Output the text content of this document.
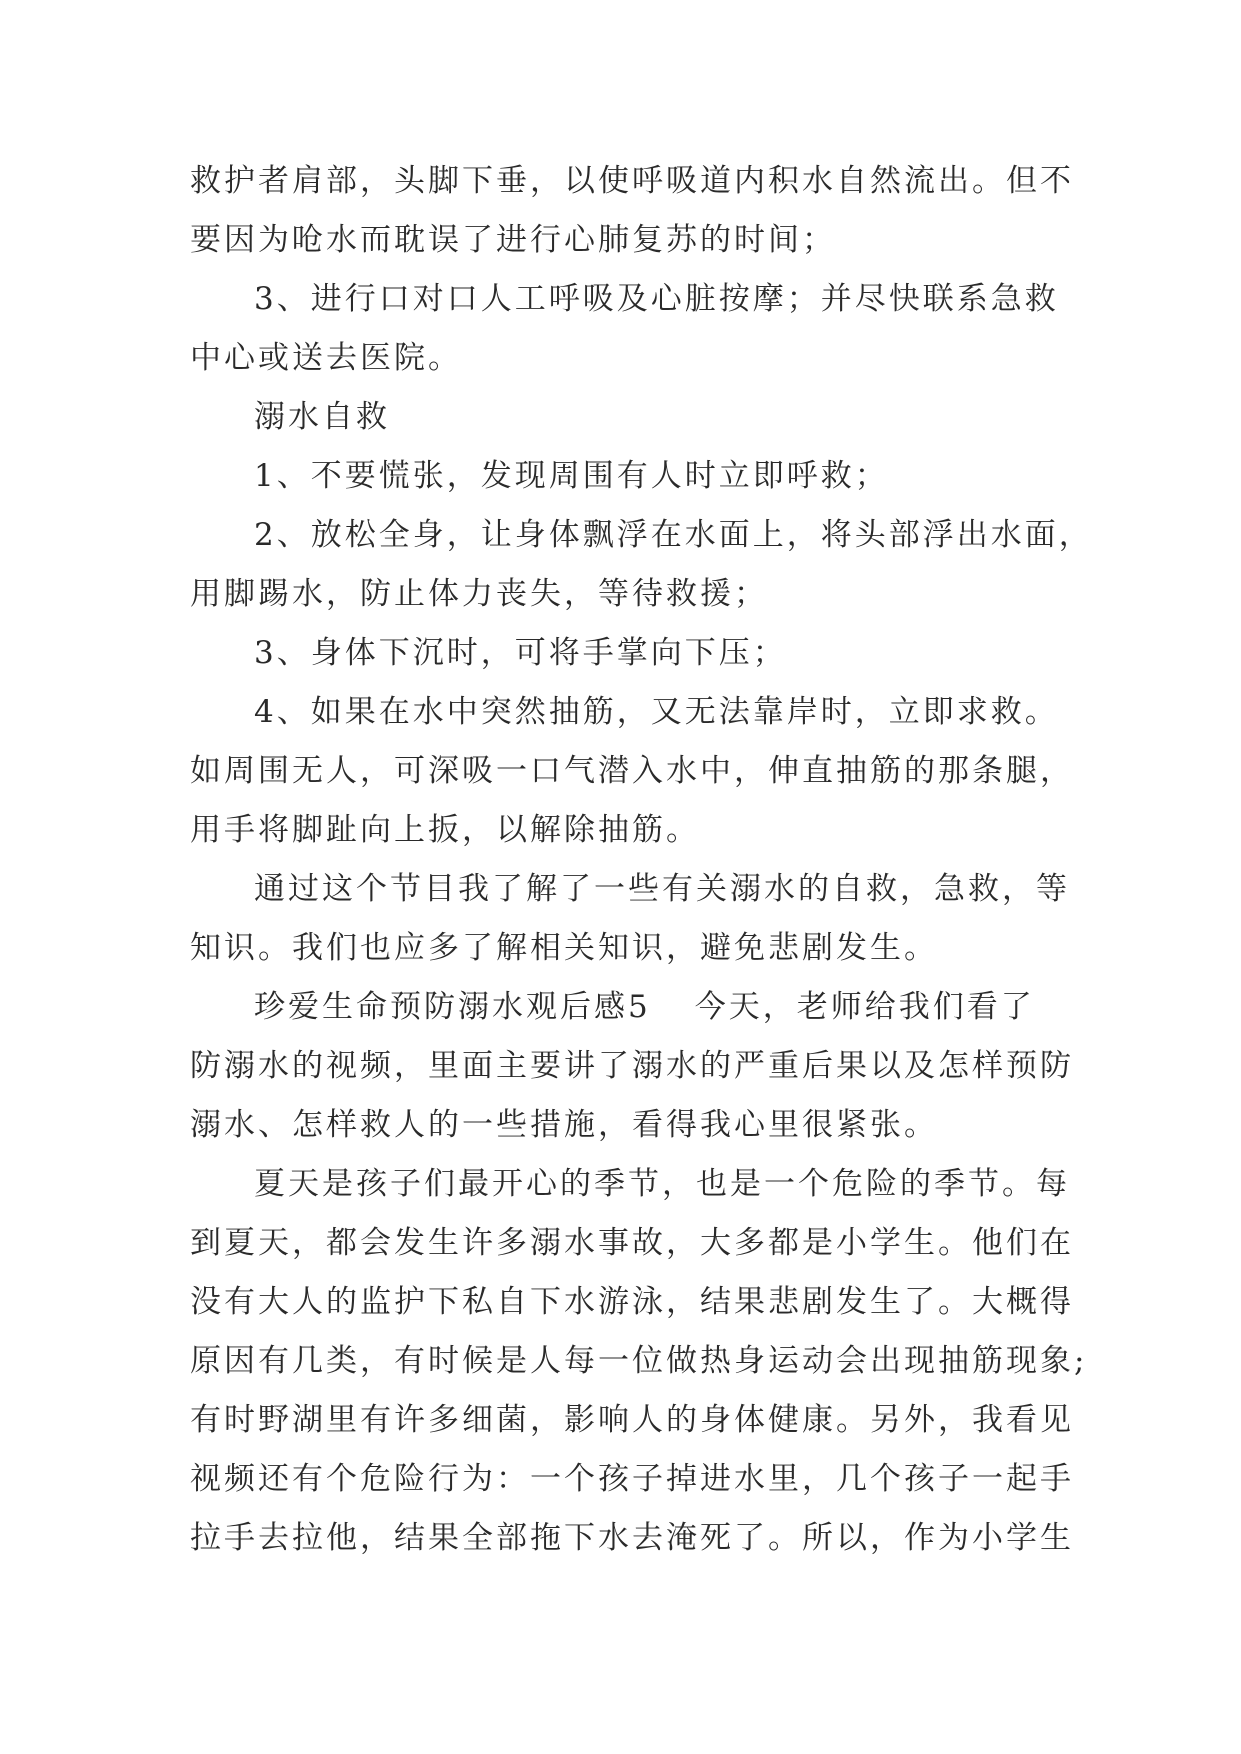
救护者肩部，头脚下垂，以使呼吸道内积水自然流出。但不
要因为呛水而耽误了进行心肺复苏的时间；
3、进行口对口人工呼吸及心脏按摩；并尽快联系急救
中心或送去医院。
溺水自救
1、不要慌张，发现周围有人时立即呼救；
2、放松全身，让身体飘浮在水面上，将头部浮出水面，
用脚踢水，防止体力丧失，等待救援；
3、身体下沉时，可将手掌向下压；
4、如果在水中突然抽筋，又无法靠岸时，立即求救。
如周围无人，可深吸一口气潜入水中，伸直抽筋的那条腿，
用手将脚趾向上扳，以解除抽筋。
通过这个节目我了解了一些有关溺水的自救，急救，等
知识。我们也应多了解相关知识，避免悲剧发生。
珍爱生命预防溺水观后感5 今天，老师给我们看了
防溺水的视频，里面主要讲了溺水的严重后果以及怎样预防
溺水、怎样救人的一些措施，看得我心里很紧张。
夏天是孩子们最开心的季节，也是一个危险的季节。每
到夏天，都会发生许多溺水事故，大多都是小学生。他们在
没有大人的监护下私自下水游泳，结果悲剧发生了。大概得
原因有几类，有时候是人每一位做热身运动会出现抽筋现象;
有时野湖里有许多细菌，影响人的身体健康。另外，我看见
视频还有个危险行为：一个孩子掉进水里，几个孩子一起手
拉手去拉他，结果全部拖下水去淹死了。所以，作为小学生
